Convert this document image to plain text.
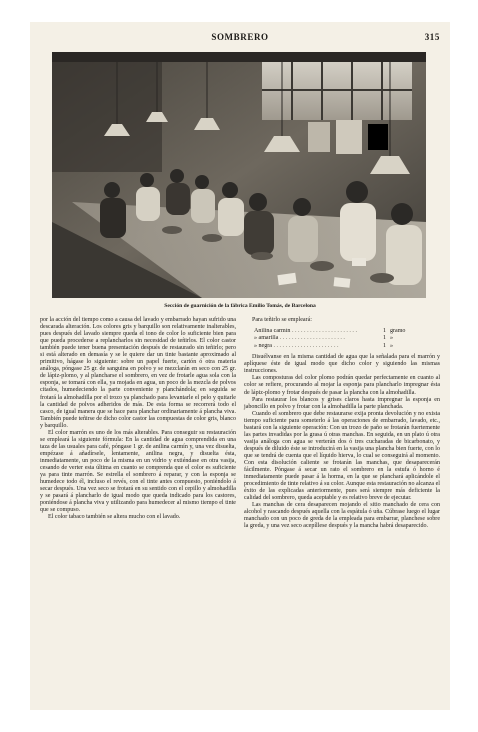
SOMBRERO	315
Sección de guarnición de la fábrica Emilio Tomás, de Barcelona

por la acción del tiempo como a causa del lavado y embarrado hayan sufrido una descarada alteración. Los colores gris y barquillo son relativamente inalterables, pues después del lavado siempre queda el tono de color lo suficiente bien para que pueda procederse a replancharlos sin necesidad de teñirlos. El color castor también puede tener buena presentación después de restaurado sin teñirlo; pero si está alterado en demasía y se le quiere dar un tinte bastante aproximado al primitivo, hágase lo siguiente: sobre un papel fuerte, cartón ó otra materia análoga, póngase 25 gr. de sanguina en polvo y se mezclarán en seco con 25 gr. de lápiz-plomo, y al plancharse el sombrero, en vez de frotarle agua sola con la esponja, se tomará con ella, ya mojada en agua, un poco de la mezcla de polvos citados, humedeciendo la parte conveniente y planchándola; en seguida se frotará la almohadilla por el trozo ya planchado para levantarle el pelo y quitarle la cantidad de polvos adheridos de más. De esta forma se recorrerá todo el casco, de igual manera que se hace para planchar ordinariamente á plancha viva. También puede teñirse de dicho color castor las compuestas de color gris, blanco y barquillo.

El color marrón es uno de los más alterables. Para conseguir su restauración se empleará la siguiente fórmula: En la cantidad de agua comprendida en una taza de las usuales para café, póngase 1 gr. de anilina carmín y, una vez disuelta, empézase á añadírsele, lentamente, anilina negra, y disuelta ésta, inmediatamente, un poco de la misma en un vidrio y extiéndase en otra vasija, cesando de verter esta última en cuanto se comprenda que el color es suficiente ya para tinte marrón. Se estrella el sombrero á reparar, y con la esponja se humedece todo él, incluso el revés, con el tinte antes compuesto, poniéndolo á secar después. Una vez seco se frotará en su sentido con el cepillo y almohadilla y se pasará á plancharlo de igual modo que queda indicado para los castores, poniéndose á plancha viva y utilizando para humedecer al mismo tiempo el tinte que se compuso.

El color tabaco también se altera mucho con el lavado.

Para teñirlo se empleará:

Anilina carmín . . .	1 gramo
» amarilla . . .	1 »
» negra . . .	1 »

Disuélvanse en la misma cantidad de agua que la señalada para el marrón y aplíquese éste de igual modo que dicho color y siguiendo las mismas instrucciones.

Las composturas del color plomo podrán quedar perfectamente en cuanto al color se refiere, procurando al mojar la esponja para plancharlo impregnar ésta de lápiz-plomo y frotar después de pasar la plancha con la almohadilla.

Para restaurar los blancos y grises claros hasta impregnar la esponja en jaboncillo en polvo y frotar con la almohadilla la parte planchada.

Cuando el sombrero que debe restaurarse exija pronta devolución y no exista tiempo suficiente para someterlo á las operaciones de embarrado, lavado, etc., bastará con la siguiente operación: Con un trozo de paño se frotarán fuertemente las partes invadidas por la grasa ú otras manchas. En seguida, en un plato ú otra vasija análoga con agua se verterán dos ó tres cucharadas de bicarbonato, y después de diluido éste se introducirá en la vasija una plancha bien fuerte, con lo que se tendrá de cuenta que el líquido hierva, lo cual se conseguirá al momento. Con esta disolución caliente se frotarán las manchas, que desaparecerán fácilmente. Póngase á secar un rato el sombrero en la estufa ó horno é inmediatamente puede pasar á la horma, en la que se planchará aplicándole el procedimiento de tinte relativo á su color. Aunque esta restauración no alcanza el éxito de las explicadas anteriormente, pues será siempre más deficiente la calidad del sombrero, queda aceptable y es relativo breve de ejecutar.

Las manchas de cera desaparecen mojando el sitio manchado de cera con alcohol y rascando después aquella con la espátula ó uña. Cúbrase luego el lugar manchado con un poco de greda de la empleada para embarrar, planchese sobre la greda, y una vez seco acepíllese después y la mancha habrá desaparecido.
